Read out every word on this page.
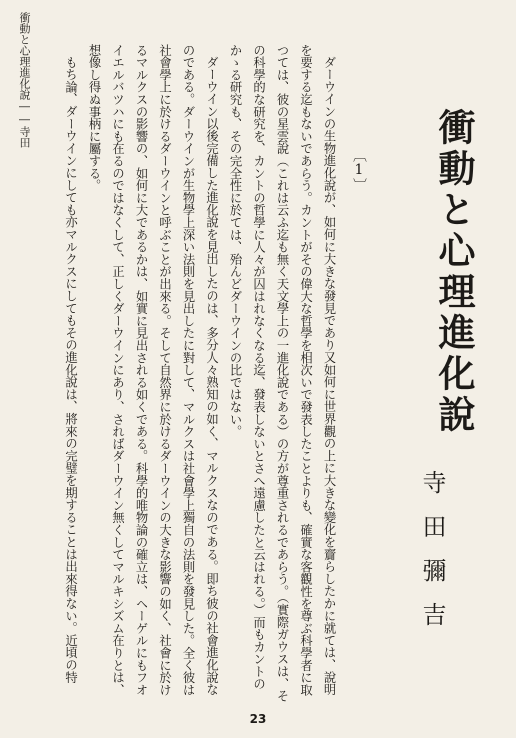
衝動と心理進化說――寺田
衝動と心理進化說
寺田彌吉
〔1〕

ダーウインの生物進化說が、如何に大きな發見であり又如何に世界觀の上に大きな變化を齎らしたかに就ては、說明を要する迄もないであらう。カントがその偉大な哲學を相次いで發表したことよりも、確實な客觀性を尊ぶ科學者に取つては、彼の星雲說（これは云ふ迄も無く天文學上の一進化說である）の方が尊重されるであらう。（實際ガウスは、その科學的な研究を、カントの哲學に人々が囚はれなくなる迄、發表しないとさへ遠慮したと云はれる。）而もカントのかゝる研究も、その完全性に於ては、殆んどダーウインの比ではない。

ダーウイン以後完備した進化說を見出したのは、多分人々熟知の如く、マルクスなのである。即ち彼の社會進化說なのである。ダーウインが生物學上深い法則を見出したに對して、マルクスは社會學上獨自の法則を發見した。全く彼は社會學上に於けるダーウインと呼ぶことが出來る。そして自然界に於けるダーウインの大きな影響の如く、社會に於けるマルクスの影響の、如何に大であるかは、如實に見出される如くである。科學的唯物論の確立は、ヘーゲルにもフオイエルバツハにも在るのではなくして、正しくダーウインにあり、さればダーウイン無くしてマルキシズム在りとは、想像し得ぬ事柄に屬する。

もち論、ダーウインにしても亦マルクスにしてもその進化說は、將來の完璧を期することは出來得ない。近頃の特

23
